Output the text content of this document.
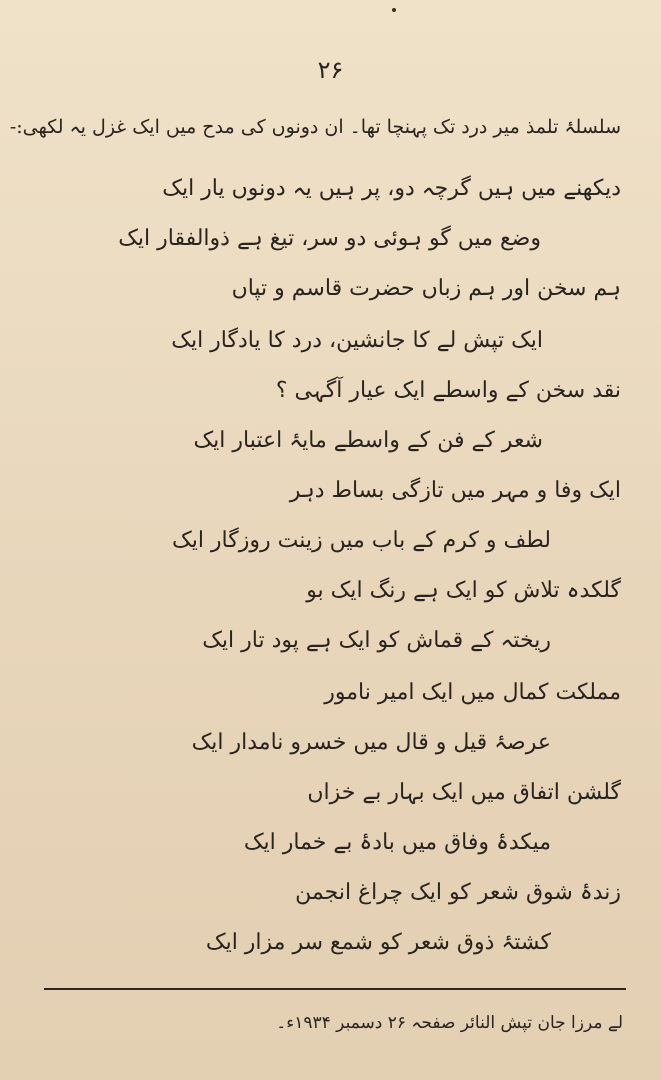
۲۶
سلسلۂ تلمذ میر درد تک پہنچا تھا۔ ان دونوں کی مدح میں ایک غزل یہ لکھی:-
دیکھنے میں ہیں گرچہ دو، پر ہیں یہ دونوں یار ایک
وضع میں گو ہوئی دو سر، تیغ ہے ذوالفقار ایک
ہم سخن اور ہم زباں حضرت قاسم و تپاں
ایک تپش لے کا جانشین، درد کا یادگار ایک
نقد سخن کے واسطے ایک عیار آگہی ؟
شعر کے فن کے واسطے مایۂ اعتبار ایک
ایک وفا و مہر میں تازگی بساط دہر
لطف و کرم کے باب میں زینت روزگار ایک
گلکدہ تلاش کو ایک ہے رنگ ایک بو
ریختہ کے قماش کو ایک ہے پود تار ایک
مملکت کمال میں ایک امیر نامور
عرصۂ قیل و قال میں خسرو نامدار ایک
گلشن اتفاق میں ایک بہار بے خزاں
میکدۂ وفاق میں بادۂ بے خمار ایک
زندۂ شوق شعر کو ایک چراغ انجمن
کشتۂ ذوق شعر کو شمع سر مزار ایک
لے مرزا جان تپش النائر صفحہ ۲۶ دسمبر ۱۹۳۴ء۔
